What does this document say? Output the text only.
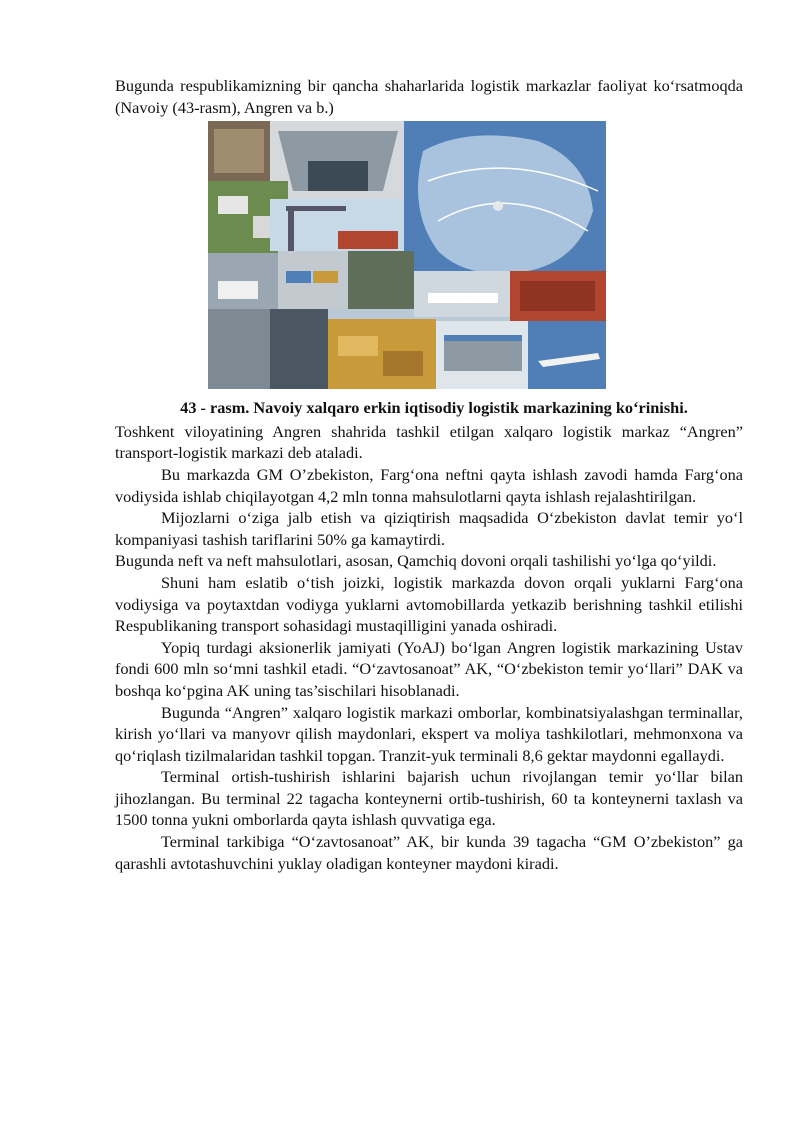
Bugunda respublikamizning bir qancha shaharlarida logistik markazlar faoliyat ko‘rsatmoqda (Navoiy (43-rasm), Angren va b.)

43 - rasm. Navoiy xalqaro erkin iqtisodiy logistik markazining ko‘rinishi.

Toshkent viloyatining Angren shahrida tashkil etilgan xalqaro logistik markaz “Angren” transport-logistik markazi deb ataladi.

Bu markazda GM O’zbekiston, Farg‘ona neftni qayta ishlash zavodi hamda Farg‘ona vodiysida ishlab chiqilayotgan 4,2 mln tonna mahsulotlarni qayta ishlash rejalashtirilgan.

Mijozlarni o‘ziga jalb etish va qiziqtirish maqsadida O‘zbekiston davlat temir yo‘l kompaniyasi tashish tariflarini 50% ga kamaytirdi.

Bugunda neft va neft mahsulotlari, asosan, Qamchiq dovoni orqali tashilishi yo‘lga qo‘yildi.

Shuni ham eslatib o‘tish joizki, logistik markazda dovon orqali yuklarni Farg‘ona vodiysiga va poytaxtdan vodiyga yuklarni avtomobillarda yetkazib berishning tashkil etilishi Respublikaning transport sohasidagi mustaqilligini yanada oshiradi.

Yopiq turdagi aksionerlik jamiyati (YoAJ) bo‘lgan Angren logistik markazining Ustav fondi 600 mln so‘mni tashkil etadi. “O‘zavtosanoat” AK, “O‘zbekiston temir yo‘llari” DAK va boshqa ko‘pgina AK uning tas’sischilari hisoblanadi.

Bugunda “Angren” xalqaro logistik markazi omborlar, kombinatsiyalashgan terminallar, kirish yo‘llari va manyovr qilish maydonlari, ekspert va moliya tashkilotlari, mehmonxona va qo‘riqlash tizilmalaridan tashkil topgan. Tranzit-yuk terminali 8,6 gektar maydonni egallaydi.

Terminal ortish-tushirish ishlarini bajarish uchun rivojlangan temir yo‘llar bilan jihozlangan. Bu terminal 22 tagacha konteynerni ortib-tushirish, 60 ta konteynerni taxlash va 1500 tonna yukni omborlarda qayta ishlash quvvatiga ega.

Terminal tarkibiga “O‘zavtosanoat” AK, bir kunda 39 tagacha “GM O’zbekiston” ga qarashli avtotashuvchini yuklay oladigan konteyner maydoni kiradi.
